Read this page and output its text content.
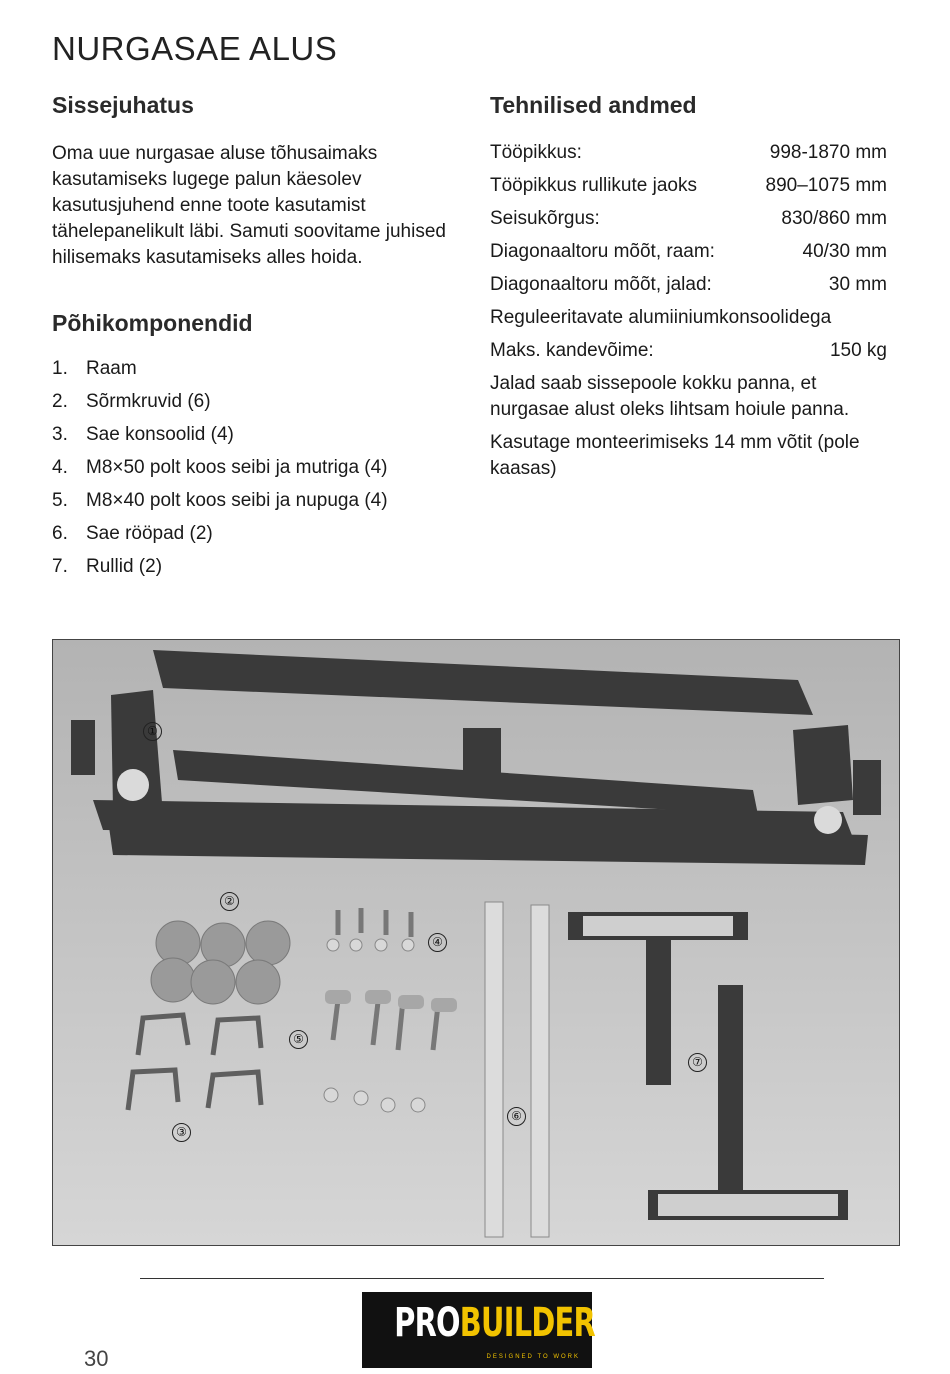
NURGASAE ALUS
Sissejuhatus

Oma uue nurgasae aluse tõhusaimaks kasutamiseks lugege palun käesolev kasutusjuhend enne toote kasutamist tähelepanelikult läbi. Samuti soovitame juhised hilisemaks kasutamiseks alles hoida.

Põhikomponendid
1. Raam
2. Sõrmkruvid (6)
3. Sae konsoolid (4)
4. M8×50 polt koos seibi ja mutriga (4)
5. M8×40 polt koos seibi ja nupuga (4)
6. Sae rööpad (2)
7. Rullid (2)
Tehnilised andmed
Tööpikkus:	998-1870 mm
Tööpikkus rullikute jaoks	890–1075 mm
Seisukõrgus:	830/860 mm
Diagonaaltoru mõõt, raam:	40/30 mm
Diagonaaltoru mõõt, jalad:	30 mm
Reguleeritavate alumiiniumkonsoolidega
Maks. kandevõime:	150 kg
Jalad saab sissepoole kokku panna, et nurgasae alust oleks lihtsam hoiule panna.
Kasutage monteerimiseks 14 mm võtit (pole kaasas)
①
②
③
④
⑤
⑥
⑦
PROBUILDER
DESIGNED TO WORK
30
